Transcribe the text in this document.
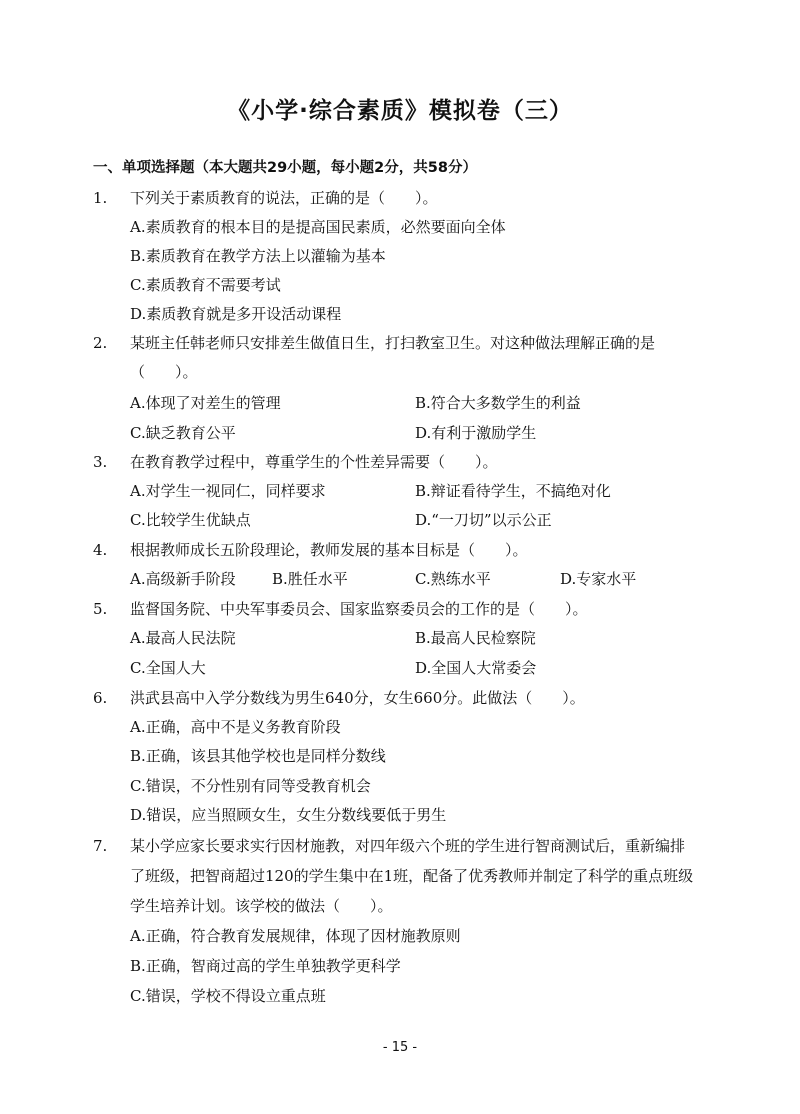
《小学·综合素质》模拟卷（三）
一、单项选择题（本大题共29小题，每小题2分，共58分）
1. 下列关于素质教育的说法，正确的是（　　）。
A.素质教育的根本目的是提高国民素质，必然要面向全体
B.素质教育在教学方法上以灌输为基本
C.素质教育不需要考试
D.素质教育就是多开设活动课程
2. 某班主任韩老师只安排差生做值日生，打扫教室卫生。对这种做法理解正确的是
（　　）。
A.体现了对差生的管理	B.符合大多数学生的利益
C.缺乏教育公平	D.有利于激励学生
3. 在教育教学过程中，尊重学生的个性差异需要（　　）。
A.对学生一视同仁，同样要求	B.辩证看待学生，不搞绝对化
C.比较学生优缺点	D.“一刀切”以示公正
4. 根据教师成长五阶段理论，教师发展的基本目标是（　　）。
A.高级新手阶段 B.胜任水平	C.熟练水平	D.专家水平
5. 监督国务院、中央军事委员会、国家监察委员会的工作的是（　　）。
A.最高人民法院	B.最高人民检察院
C.全国人大	D.全国人大常委会
6. 洪武县高中入学分数线为男生640分，女生660分。此做法（　　）。
A.正确，高中不是义务教育阶段
B.正确，该县其他学校也是同样分数线
C.错误，不分性别有同等受教育机会
D.错误，应当照顾女生，女生分数线要低于男生
7. 某小学应家长要求实行因材施教，对四年级六个班的学生进行智商测试后，重新编排
了班级，把智商超过120的学生集中在1班，配备了优秀教师并制定了科学的重点班级
学生培养计划。该学校的做法（　　）。
A.正确，符合教育发展规律，体现了因材施教原则
B.正确，智商过高的学生单独教学更科学
C.错误，学校不得设立重点班
- 15 -
